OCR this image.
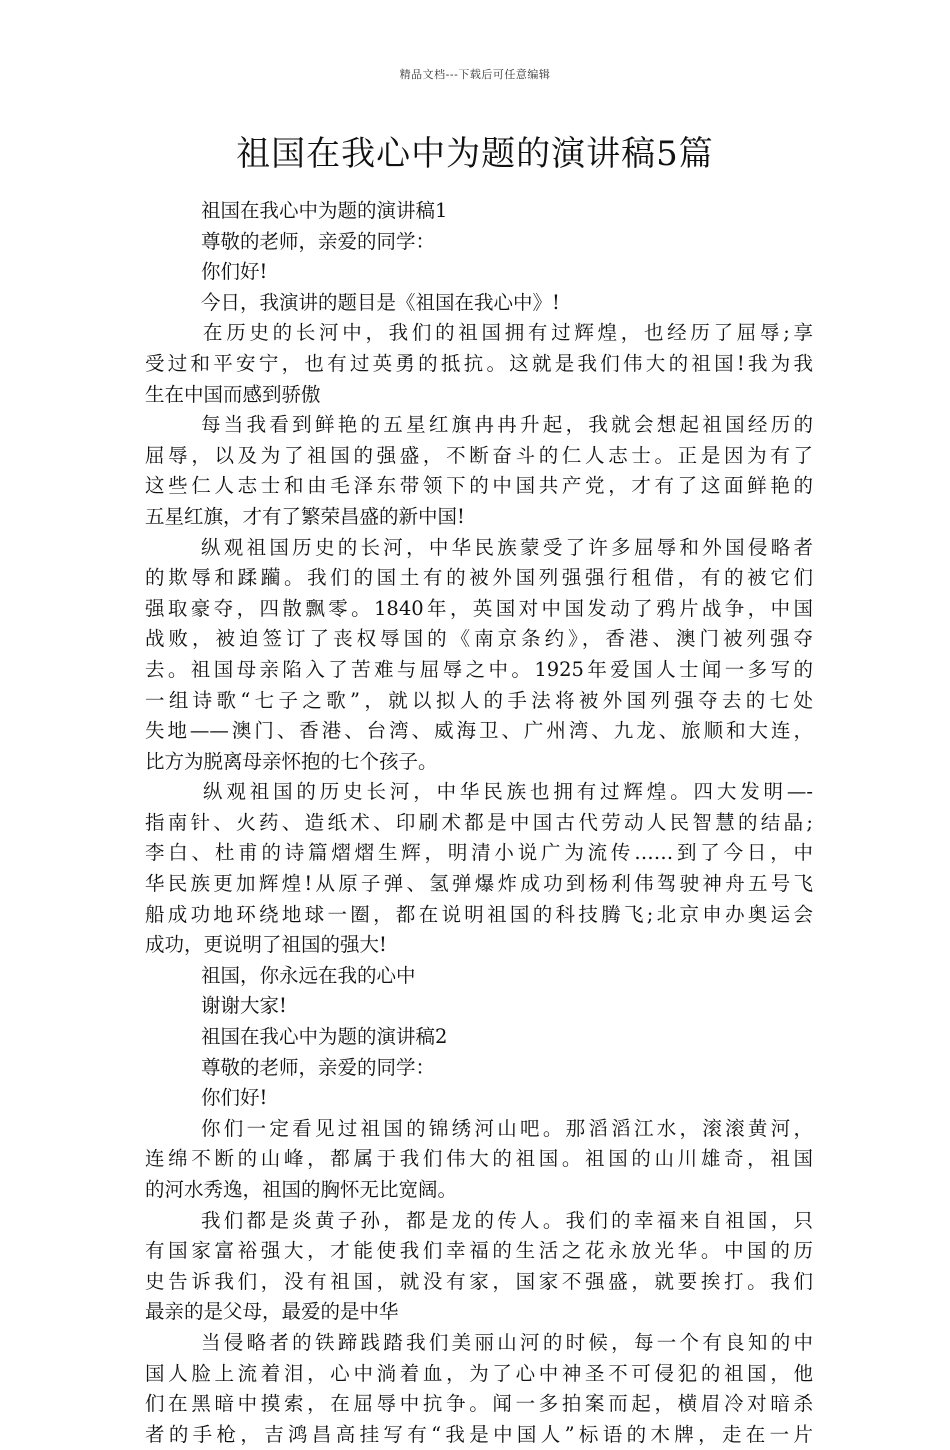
精品文档---下载后可任意编辑
祖国在我心中为题的演讲稿5篇
祖国在我心中为题的演讲稿1
尊敬的老师，亲爱的同学：
你们好!
今日，我演讲的题目是《祖国在我心中》!
在历史的长河中，我们的祖国拥有过辉煌，也经历了屈辱;享
受过和平安宁，也有过英勇的抵抗。这就是我们伟大的祖国!我为我
生在中国而感到骄傲
每当我看到鲜艳的五星红旗冉冉升起，我就会想起祖国经历的
屈辱，以及为了祖国的强盛，不断奋斗的仁人志士。正是因为有了
这些仁人志士和由毛泽东带领下的中国共产党，才有了这面鲜艳的
五星红旗，才有了繁荣昌盛的新中国!
纵观祖国历史的长河，中华民族蒙受了许多屈辱和外国侵略者
的欺辱和蹂躏。我们的国土有的被外国列强强行租借，有的被它们
强取豪夺，四散飘零。1840年，英国对中国发动了鸦片战争，中国
战败，被迫签订了丧权辱国的《南京条约》，香港、澳门被列强夺
去。祖国母亲陷入了苦难与屈辱之中。1925年爱国人士闻一多写的
一组诗歌“七子之歌”，就以拟人的手法将被外国列强夺去的七处
失地——澳门、香港、台湾、威海卫、广州湾、九龙、旅顺和大连，
比方为脱离母亲怀抱的七个孩子。
纵观祖国的历史长河，中华民族也拥有过辉煌。四大发明—-
指南针、火药、造纸术、印刷术都是中国古代劳动人民智慧的结晶;
李白、杜甫的诗篇熠熠生辉，明清小说广为流传……到了今日，中
华民族更加辉煌!从原子弹、氢弹爆炸成功到杨利伟驾驶神舟五号飞
船成功地环绕地球一圈，都在说明祖国的科技腾飞;北京申办奥运会
成功，更说明了祖国的强大!
祖国，你永远在我的心中
谢谢大家!
祖国在我心中为题的演讲稿2
尊敬的老师，亲爱的同学：
你们好!
你们一定看见过祖国的锦绣河山吧。那滔滔江水，滚滚黄河，
连绵不断的山峰，都属于我们伟大的祖国。祖国的山川雄奇，祖国
的河水秀逸，祖国的胸怀无比宽阔。
我们都是炎黄子孙，都是龙的传人。我们的幸福来自祖国，只
有国家富裕强大，才能使我们幸福的生活之花永放光华。中国的历
史告诉我们，没有祖国，就没有家，国家不强盛，就要挨打。我们
最亲的是父母，最爱的是中华
当侵略者的铁蹄践踏我们美丽山河的时候，每一个有良知的中
国人脸上流着泪，心中淌着血，为了心中神圣不可侵犯的祖国，他
们在黑暗中摸索，在屈辱中抗争。闻一多拍案而起，横眉冷对暗杀
者的手枪，吉鸿昌高挂写有“我是中国人”标语的木牌，走在一片
